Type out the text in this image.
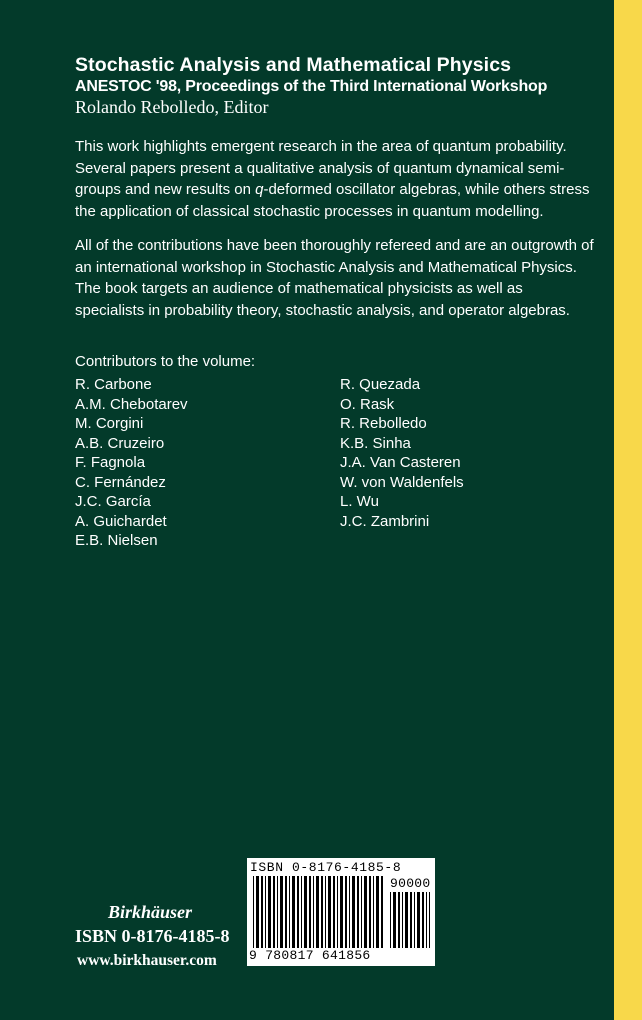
Stochastic Analysis and Mathematical Physics

ANESTOC '98, Proceedings of the Third International Workshop

Rolando Rebolledo, Editor

This work highlights emergent research in the area of quantum probability. Several papers present a qualitative analysis of quantum dynamical semi-groups and new results on q-deformed oscillator algebras, while others stress the application of classical stochastic processes in quantum modelling.

All of the contributions have been thoroughly refereed and are an outgrowth of an international workshop in Stochastic Analysis and Mathematical Physics. The book targets an audience of mathematical physicists as well as specialists in probability theory, stochastic analysis, and operator algebras.

Contributors to the volume:

R. Carbone
A.M. Chebotarev
M. Corgini
A.B. Cruzeiro
F. Fagnola
C. Fernández
J.C. García
A. Guichardet
E.B. Nielsen
R. Quezada
O. Rask
R. Rebolledo
K.B. Sinha
J.A. Van Casteren
W. von Waldenfels
L. Wu
J.C. Zambrini

Birkhäuser

ISBN 0-8176-4185-8

www.birkhauser.com

ISBN 0-8176-4185-8
90000
9 780817 641856
